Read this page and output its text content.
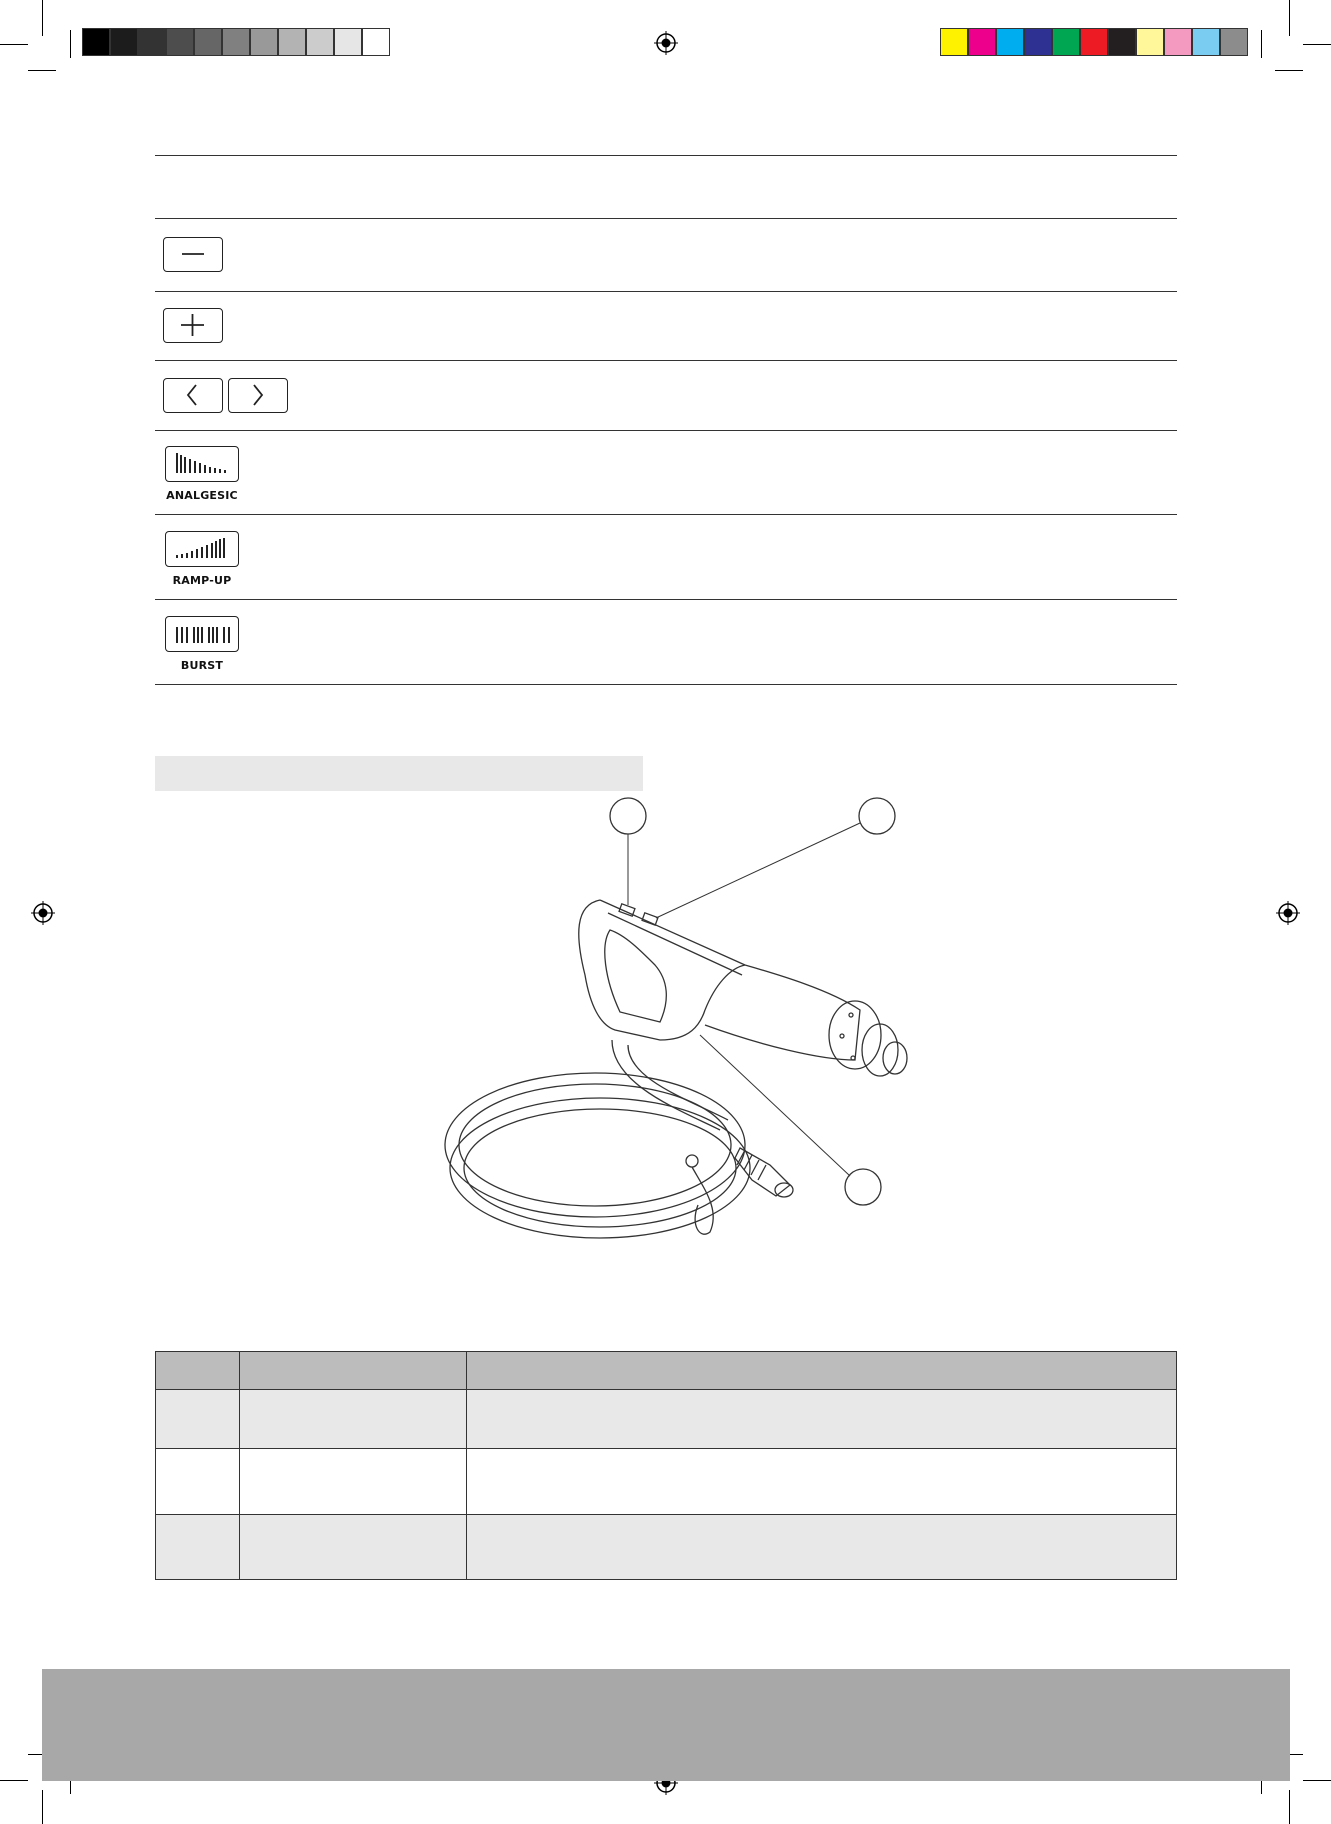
ANALGESIC
RAMP-UP
BURST
